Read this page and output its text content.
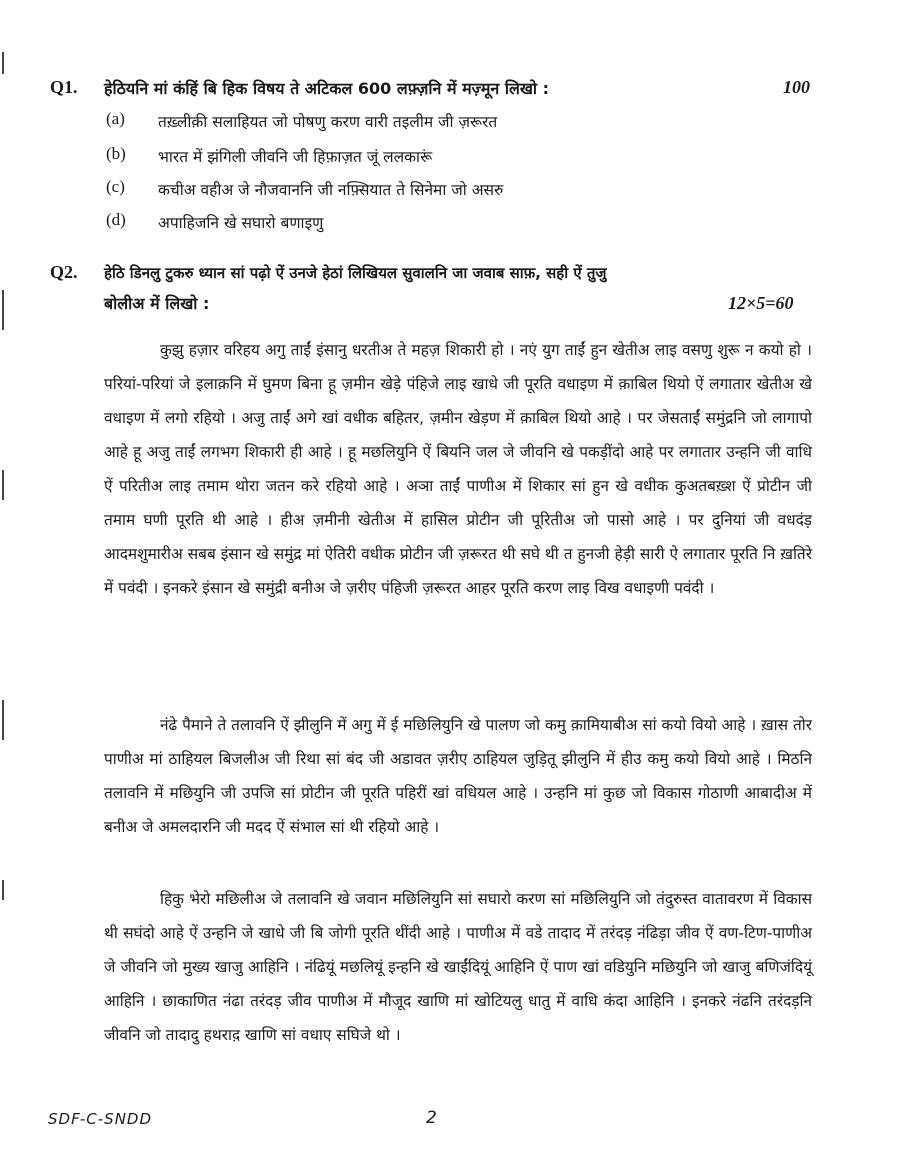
Q1. हेठियनि मां कंहिं बि हिक विषय ते अटिकल 600 लफ़्ज़नि में मज़्मून लिखो :	100
(a) तख़्लीक़ी सलाहियत जो पोषणु करण वारी तइलीम जी ज़रूरत
(b) भारत में झंगिली जीवनि जी हिफ़ाज़त जूं ललकारूं
(c) कचीअ वहीअ जे नौजवाननि जी नफ़्सियात ते सिनेमा जो असरु
(d) अपाहिजनि खे सघारो बणाइणु
Q2. हेठि डिनलु टुकरु ध्यान सां पढ़ो ऐं उनजे हेठां लिखियल सुवालनि जा जवाब साफ़, सही ऐं तुजु
बोलीअ में लिखो :	12×5=60

कुझु हज़ार वरिहय अगु ताईं इंसानु धरतीअ ते महज़ शिकारी हो । नएं युग ताईं हुन खेतीअ लाइ वसणु शुरू न कयो हो । परियां-परियां जे इलाक़नि में घुमण बिना हू ज़मीन खेड़े पंहिजे लाइ खाधे जी पूरति वधाइण में क़ाबिल थियो ऐं लगातार खेतीअ खे वधाइण में लगो रहियो । अजु ताईं अगे खां वधीक बहितर, ज़मीन खेड़ण में क़ाबिल थियो आहे । पर जेसताईं समुंद्रनि जो लागापो आहे हू अजु ताईं लगभग शिकारी ही आहे । हू मछलियुनि ऐं बियनि जल जे जीवनि खे पकड़ींदो आहे पर लगातार उन्हनि जी वाधि ऐं परितीअ लाइ तमाम थोरा जतन करे रहियो आहे । अञा ताईं पाणीअ में शिकार सां हुन खे वधीक कुअतबख़्श ऐं प्रोटीन जी तमाम घणी पूरति थी आहे । हीअ ज़मीनी खेतीअ में हासिल प्रोटीन जी पूरितीअ जो पासो आहे । पर दुनियां जी वधदंड़ आदमशुमारीअ सबब इंसान खे समुंद्र मां ऐतिरी वधीक प्रोटीन जी ज़रूरत थी सघे थी त हुनजी हेड़ी सारी ऐ लगातार पूरति नि ख़तिरे में पवंदी । इनकरे इंसान खे समुंद्री बनीअ जे ज़रीए पंहिजी ज़रूरत आहर पूरति करण लाइ विख वधाइणी पवंदी ।

नंढे पैमाने ते तलावनि ऐं झीलुनि में अगु में ई मछिलियुनि खे पालण जो कमु क़ामियाबीअ सां कयो वियो आहे । ख़ास तोर पाणीअ मां ठाहियल बिजलीअ जी रिथा सां बंद जी अडावत ज़रीए ठाहियल जुड़ितू झीलुनि में हीउ कमु कयो वियो आहे । मिठनि तलावनि में मछियुनि जी उपजि सां प्रोटीन जी पूरति पहिरीं खां वधियल आहे । उन्हनि मां कुछ जो विकास गोठाणी आबादीअ में बनीअ जे अमलदारनि जी मदद ऐं संभाल सां थी रहियो आहे ।

हिकु भेरो मछिलीअ जे तलावनि खे जवान मछिलियुनि सां सघारो करण सां मछिलियुनि जो तंदुरुस्त वातावरण में विकास थी सघंदो आहे ऐं उन्हनि जे खाधे जी बि जोगी पूरति थींदी आहे । पाणीअ में वडे तादाद में तरंदड़ नंढिड़ा जीव ऐं वण-टिण-पाणीअ जे जीवनि जो मुख्य खाजु आहिनि । नंढियूं मछलियूं इन्हनि खे खाईंदियूं आहिनि ऐं पाण खां वडियुनि मछियुनि जो खाजु बणिजंदियूं आहिनि । छाकाणित नंढा तरंदड़ जीव पाणीअ में मौजूद खाणि मां खोटियलु धातु में वाधि कंदा आहिनि । इनकरे नंढनि तरंदड़नि जीवनि जो तादादु हथराद़ खाणि सां वधाए सघिजे थो ।

SDF-C-SNDD	2
